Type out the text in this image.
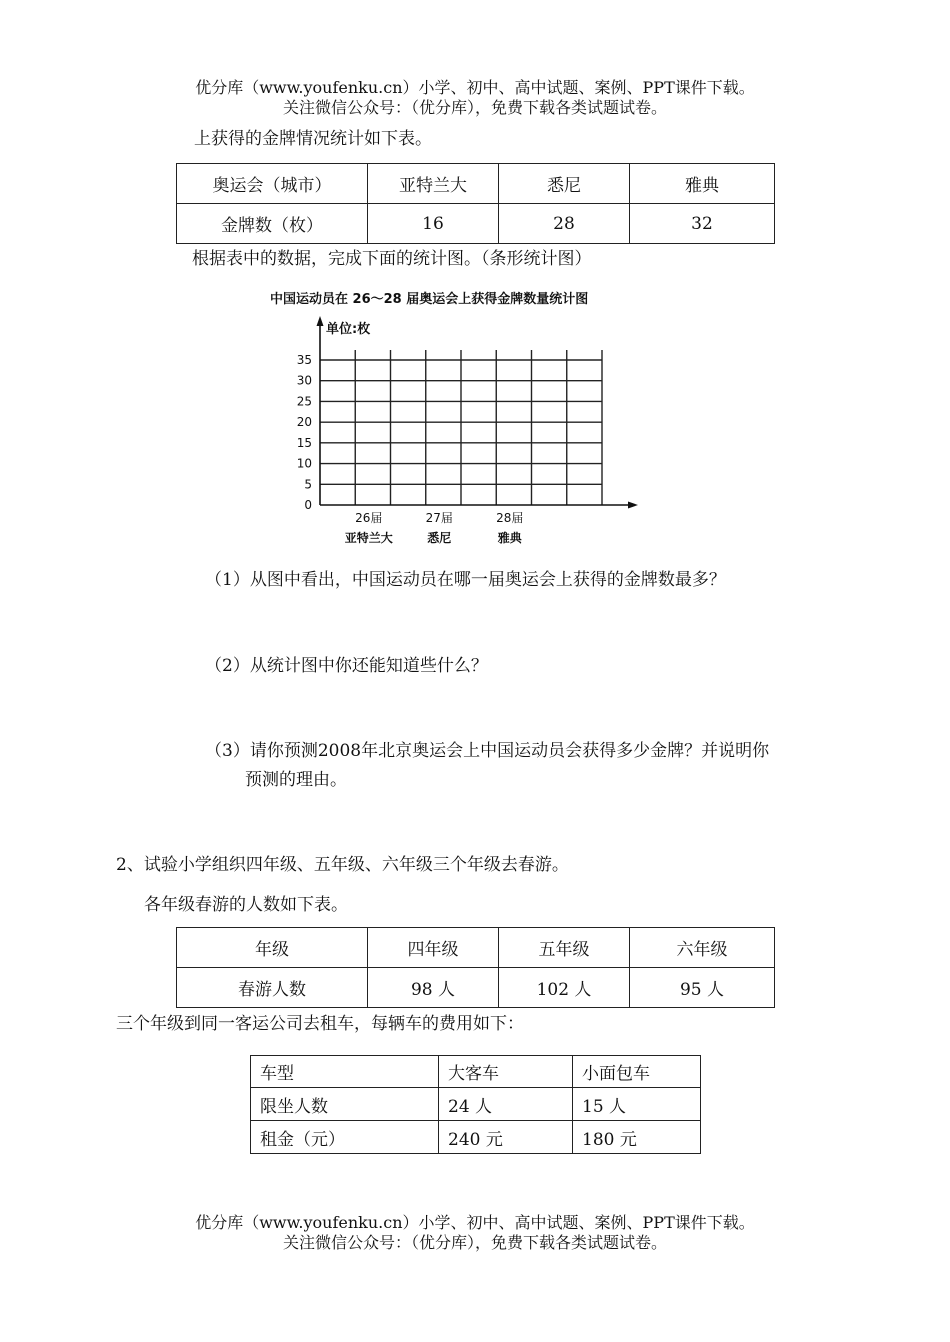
优分库（www.youfenku.cn）小学、初中、高中试题、案例、PPT课件下载。
关注微信公众号：（优分库），免费下载各类试题试卷。
上获得的金牌情况统计如下表。
奥运会（城市）	亚特兰大	悉尼	雅典
金牌数（枚）	16	28	32
根据表中的数据，完成下面的统计图。（条形统计图）
中国运动员在 26～28 届奥运会上获得金牌数量统计图
单位:枚
35
30
25
20
15
10
5
0
26届
亚特兰大
27届
悉尼
28届
雅典
（1）从图中看出，中国运动员在哪一届奥运会上获得的金牌数最多？
（2）从统计图中你还能知道些什么？
（3）请你预测2008年北京奥运会上中国运动员会获得多少金牌？并说明你
预测的理由。
2、试验小学组织四年级、五年级、六年级三个年级去春游。
各年级春游的人数如下表。
年级	四年级	五年级	六年级
春游人数	98 人	102 人	95 人
三个年级到同一客运公司去租车，每辆车的费用如下：
车型	大客车	小面包车
限坐人数	24 人	15 人
租金（元）	240 元	180 元
优分库（www.youfenku.cn）小学、初中、高中试题、案例、PPT课件下载。
关注微信公众号：（优分库），免费下载各类试题试卷。
